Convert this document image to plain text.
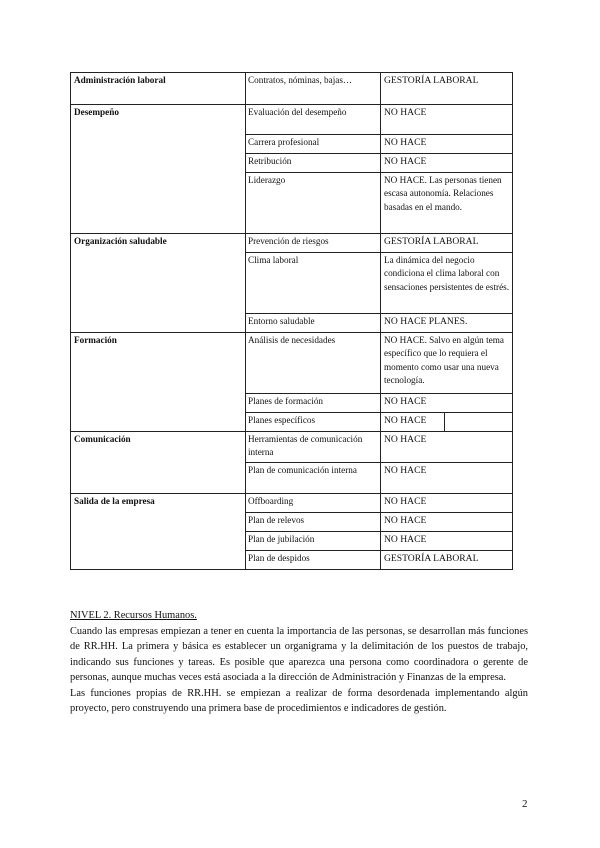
Administración laboral	Contratos, nóminas, bajas…	GESTORÍA LABORAL
Desempeño	Evaluación del desempeño	NO HACE
	Carrera profesional	NO HACE
	Retribución	NO HACE
	Liderazgo	NO HACE. Las personas tienen escasa autonomía. Relaciones basadas en el mando.
Organización saludable	Prevención de riesgos	GESTORÍA LABORAL
	Clima laboral	La dinámica del negocio condiciona el clima laboral con sensaciones persistentes de estrés.
	Entorno saludable	NO HACE PLANES.
Formación	Análisis de necesidades	NO HACE. Salvo en algún tema específico que lo requiera el momento como usar una nueva tecnología.
	Planes de formación	NO HACE
	Planes específicos	NO HACE

Comunicación	Herramientas de comunicación interna	NO HACE
	Plan de comunicación interna	NO HACE
Salida de la empresa	Offboarding	NO HACE
	Plan de relevos	NO HACE
	Plan de jubilación	NO HACE
	Plan de despidos	GESTORÍA LABORAL
NIVEL 2. Recursos Humanos.

Cuando las empresas empiezan a tener en cuenta la importancia de las personas, se desarrollan más funciones de RR.HH. La primera y básica es establecer un organigrama y la delimitación de los puestos de trabajo, indicando sus funciones y tareas. Es posible que aparezca una persona como coordinadora o gerente de personas, aunque muchas veces está asociada a la dirección de Administración y Finanzas de la empresa.

Las funciones propias de RR.HH. se empiezan a realizar de forma desordenada implementando algún proyecto, pero construyendo una primera base de procedimientos e indicadores de gestión.

2
